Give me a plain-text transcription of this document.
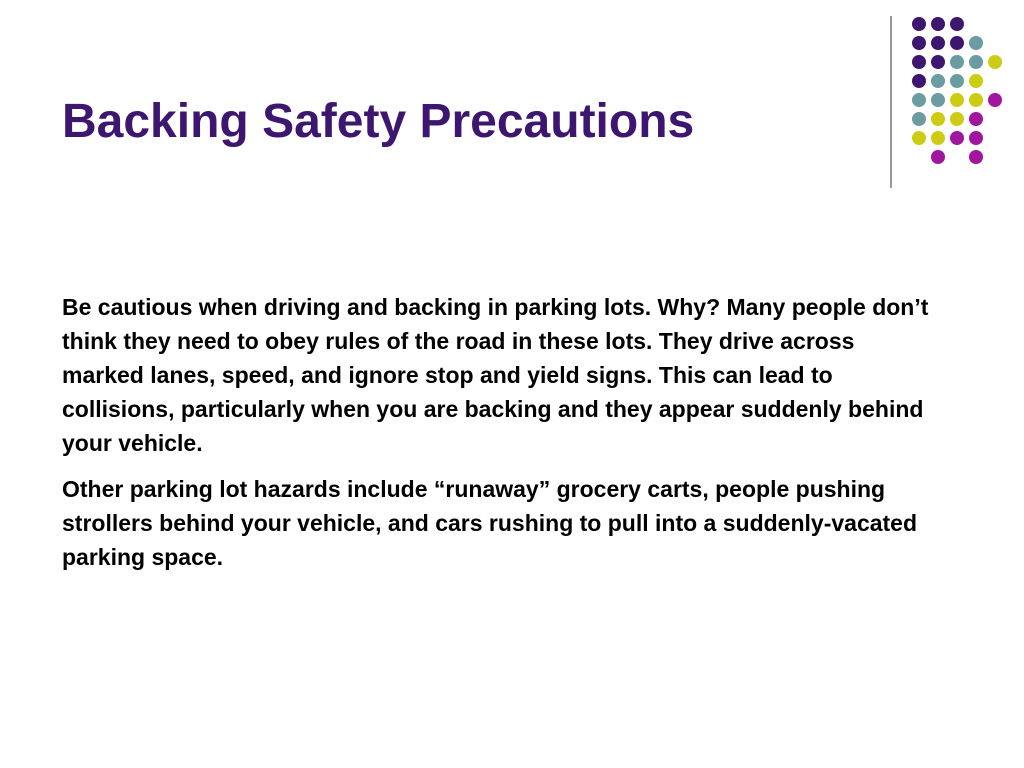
Backing Safety Precautions

Be cautious when driving and backing in parking lots. Why? Many people don’t think they need to obey rules of the road in these lots. They drive across marked lanes, speed, and ignore stop and yield signs. This can lead to collisions, particularly when you are backing and they appear suddenly behind your vehicle.

Other parking lot hazards include “runaway” grocery carts, people pushing strollers behind your vehicle, and cars rushing to pull into a suddenly-vacated parking space.
